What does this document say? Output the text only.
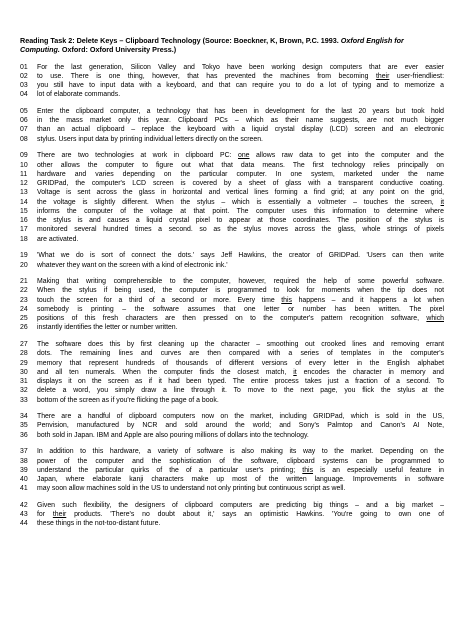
Reading Task 2: Delete Keys – Clipboard Technology (Source: Boeckner, K, Brown, P.C. 1993. Oxford English for Computing. Oxford: Oxford University Press.)
01	For the last generation, Silicon Valley and Tokyo have been working design computers that are ever easier
02	to use. There is one thing, however, that has prevented the machines from becoming their user-friendliest:
03	you still have to input data with a keyboard, and that can require you to do a lot of typing and to memorize a
04	lot of elaborate commands.
05	Enter the clipboard computer, a technology that has been in development for the last 20 years but took hold
06	in the mass market only this year. Clipboard PCs – which as their name suggests, are not much bigger
07	than an actual clipboard – replace the keyboard with a liquid crystal display (LCD) screen and an electronic
08	stylus. Users input data by printing individual letters directly on the screen.
09	There are two technologies at work in clipboard PC: one allows raw data to get into the computer and the
10	other allows the computer to figure out what that data means. The first technology relies principally on
11	hardware and varies depending on the particular computer. In one system, marketed under the name
12	GRIDPad, the computer's LCD screen is covered by a sheet of glass with a transparent conductive coating.
13	Voltage is sent across the glass in horizontal and vertical lines forming a find grid; at any point on the grid,
14	the voltage is slightly different. When the stylus – which is essentially a voltmeter – touches the screen, it
15	informs the computer of the voltage at that point. The computer uses this information to determine where
16	the stylus is and causes a liquid crystal pixel to appear at those coordinates. The position of the stylus is
17	monitored several hundred times a second. so as the stylus moves across the glass, whole strings of pixels
18	are activated.
19	'What we do is sort of connect the dots.' says Jeff Hawkins, the creator of GRIDPad. 'Users can then write
20	whatever they want on the screen with a kind of electronic ink.'
21	Making that writing comprehensible to the computer, however, required the help of some powerful software.
22	When the stylus if being used, the computer is programmed to look for moments when the tip does not
23	touch the screen for a third of a second or more. Every time this happens – and it happens a lot when
24	somebody is printing – the software assumes that one letter or number has been written. The pixel
25	positions of this fresh characters are then pressed on to the computer's pattern recognition software, which
26	instantly identifies the letter or number written.
27	The software does this by first cleaning up the character – smoothing out crooked lines and removing errant
28	dots. The remaining lines and curves are then compared with a series of templates in the computer's
29	memory that represent hundreds of thousands of different versions of every letter in the English alphabet
30	and all ten numerals. When the computer finds the closest match, it encodes the character in memory and
31	displays it on the screen as if it had been typed. The entire process takes just a fraction of a second. To
32	delete a word, you simply draw a line through it. To move to the next page, you flick the stylus at the
33	bottom of the screen as if you're flicking the page of a book.
34	There are a handful of clipboard computers now on the market, including GRIDPad, which is sold in the US,
35	Penvision, manufactured by NCR and sold around the world; and Sony's Palmtop and Canon's AI Note,
36	both sold in Japan. IBM and Apple are also pouring millions of dollars into the technology.
37	In addition to this hardware, a variety of software is also making its way to the market. Depending on the
38	power of the computer and the sophistication of the software, clipboard systems can be programmed to
39	understand the particular quirks of the of a particular user's printing; this is an especially useful feature in
40	Japan, where elaborate kanji characters make up most of the written language. Improvements in software
41	may soon allow machines sold in the US to understand not only printing but continuous script as well.
42	Given such flexibility, the designers of clipboard computers are predicting big things – and a big market –
43	for their products. 'There's no doubt about it,' says an optimistic Hawkins. 'You're going to own one of
44	these things in the not-too-distant future.
